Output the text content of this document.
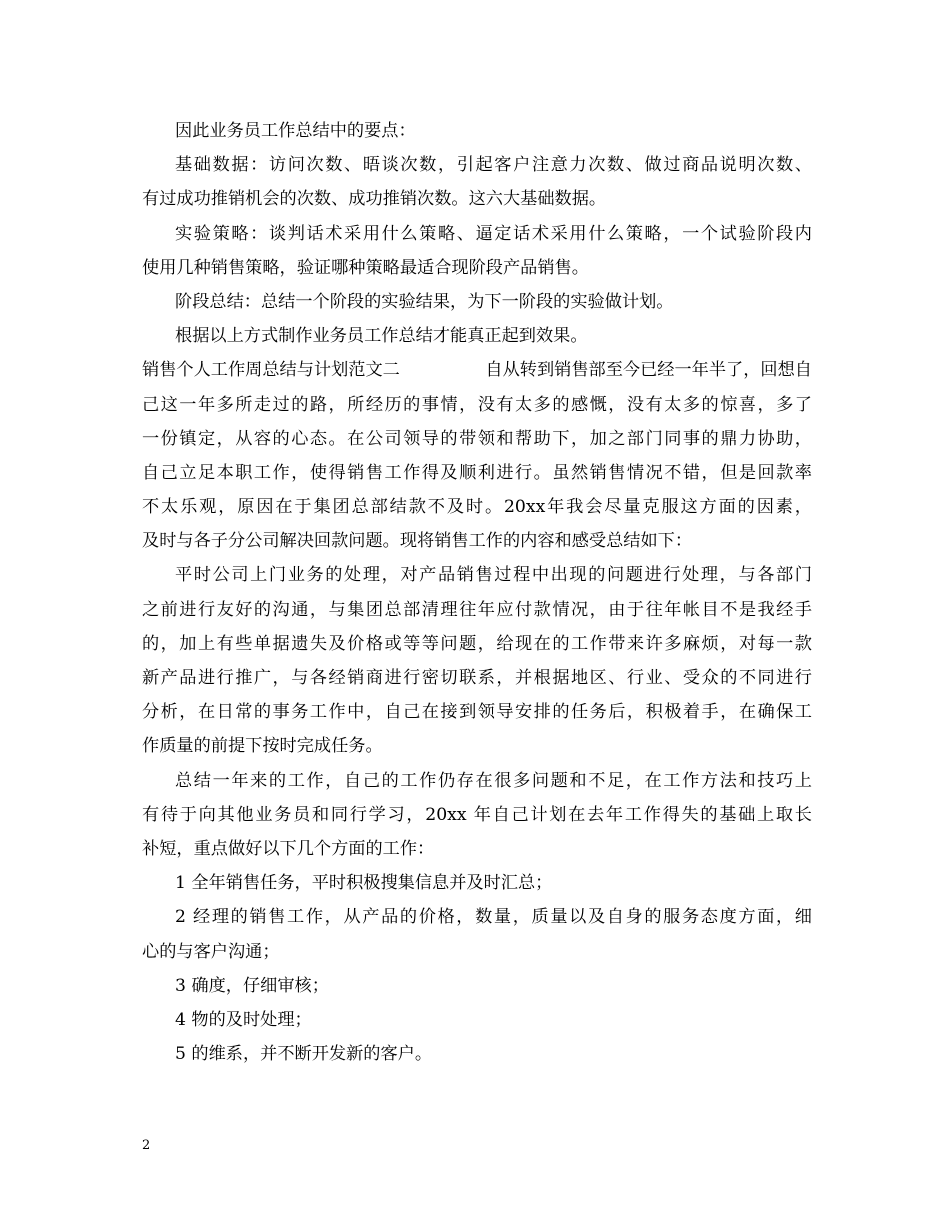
因此业务员工作总结中的要点：
基础数据：访问次数、晤谈次数，引起客户注意力次数、做过商品说明次数、
有过成功推销机会的次数、成功推销次数。这六大基础数据。
实验策略：谈判话术采用什么策略、逼定话术采用什么策略，一个试验阶段内
使用几种销售策略，验证哪种策略最适合现阶段产品销售。
阶段总结：总结一个阶段的实验结果，为下一阶段的实验做计划。
根据以上方式制作业务员工作总结才能真正起到效果。
销售个人工作周总结与计划范文二	自从转到销售部至今已经一年半了，回想自
己这一年多所走过的路，所经历的事情，没有太多的感慨，没有太多的惊喜，多了
一份镇定，从容的心态。在公司领导的带领和帮助下，加之部门同事的鼎力协助，
自己立足本职工作，使得销售工作得及顺利进行。虽然销售情况不错，但是回款率
不太乐观，原因在于集团总部结款不及时。20xx年我会尽量克服这方面的因素，
及时与各子分公司解决回款问题。现将销售工作的内容和感受总结如下：
平时公司上门业务的处理，对产品销售过程中出现的问题进行处理，与各部门
之前进行友好的沟通，与集团总部清理往年应付款情况，由于往年帐目不是我经手
的，加上有些单据遗失及价格或等等问题，给现在的工作带来许多麻烦，对每一款
新产品进行推广，与各经销商进行密切联系，并根据地区、行业、受众的不同进行
分析，在日常的事务工作中，自己在接到领导安排的任务后，积极着手，在确保工
作质量的前提下按时完成任务。
总结一年来的工作，自己的工作仍存在很多问题和不足，在工作方法和技巧上
有待于向其他业务员和同行学习，20xx 年自己计划在去年工作得失的基础上取长
补短，重点做好以下几个方面的工作：
1 全年销售任务，平时积极搜集信息并及时汇总；
2 经理的销售工作，从产品的价格，数量，质量以及自身的服务态度方面，细
心的与客户沟通；
3 确度，仔细审核；
4 物的及时处理；
5 的维系，并不断开发新的客户。
2
